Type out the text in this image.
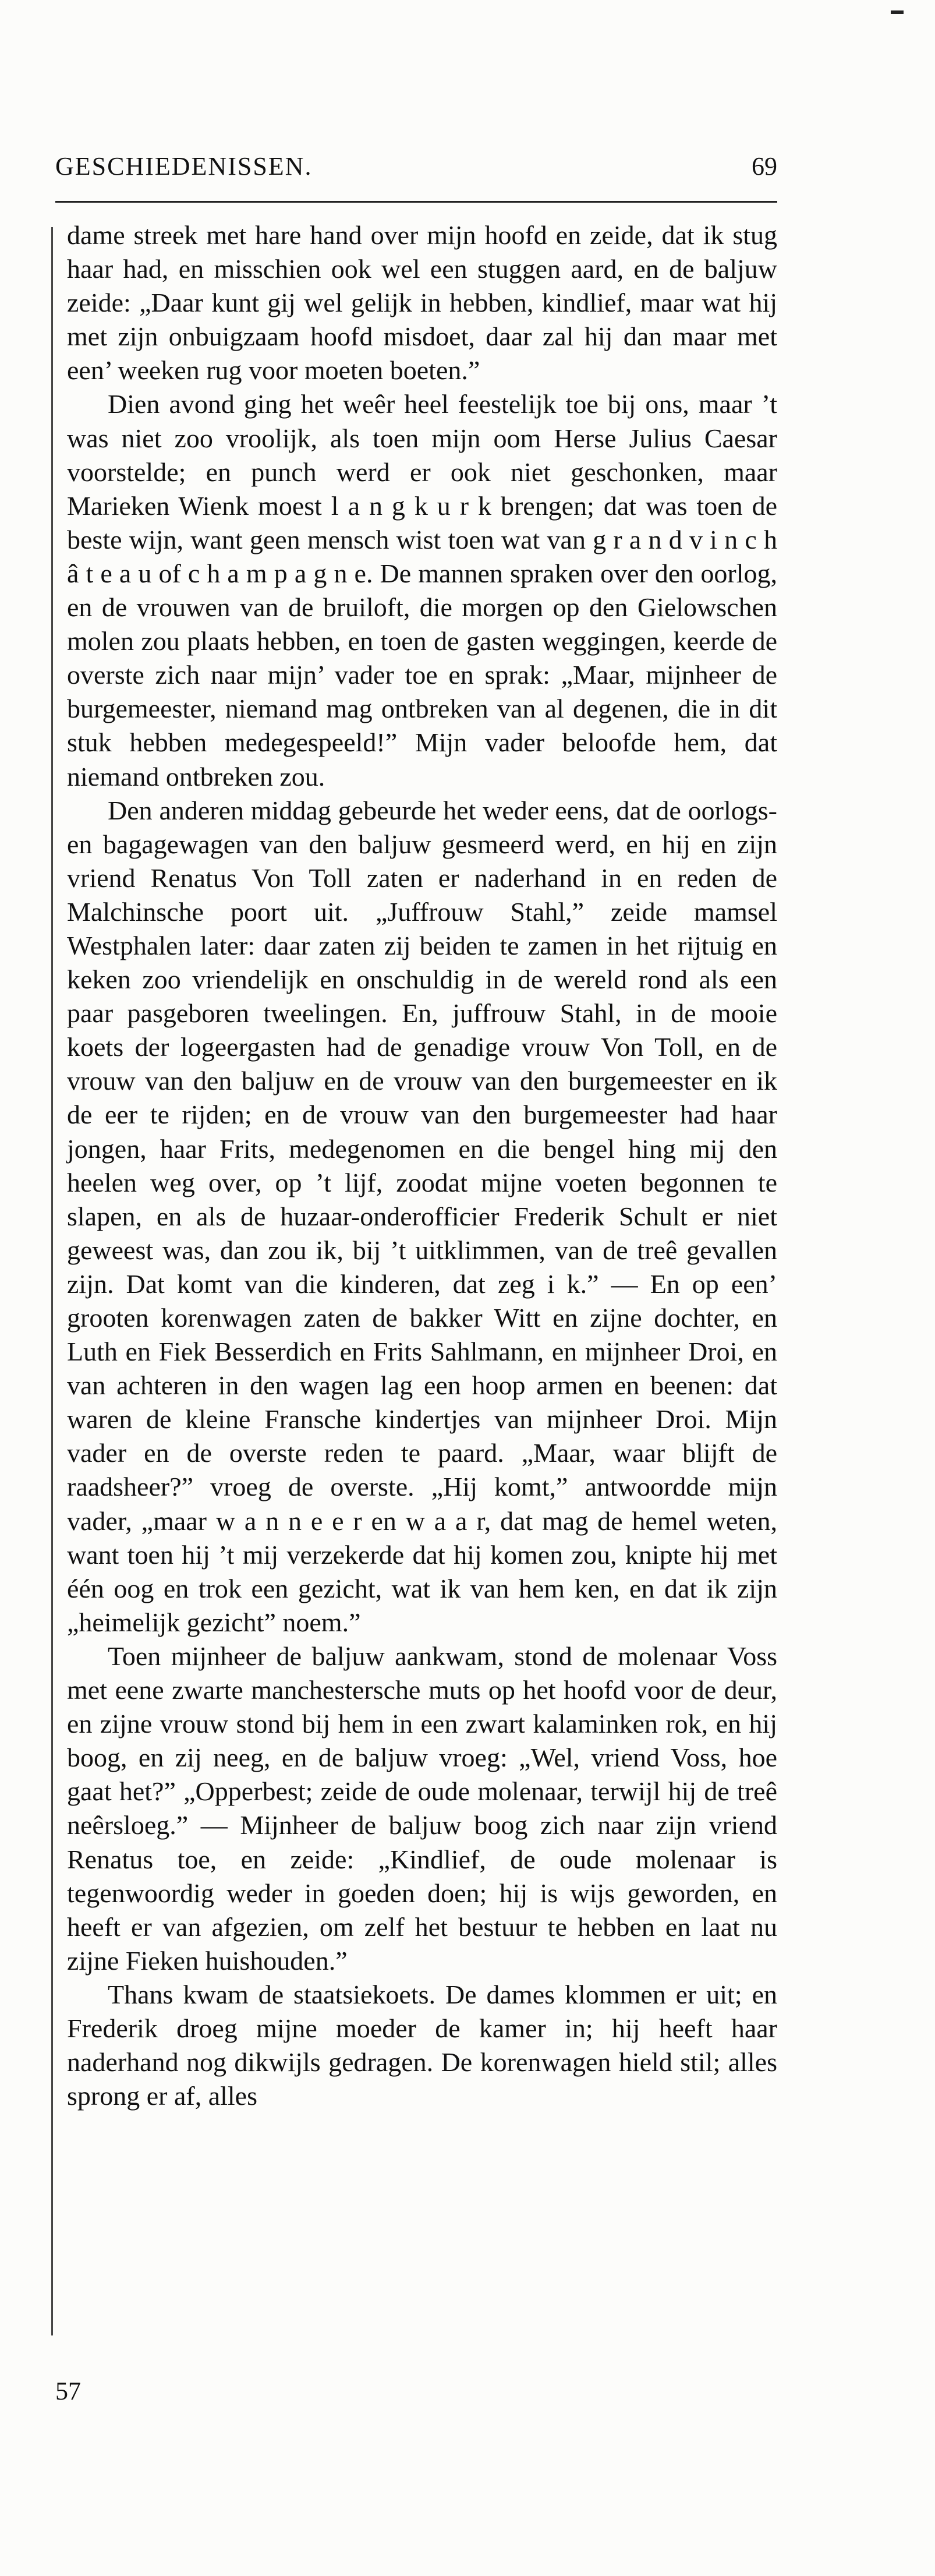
GESCHIEDENISSEN.	69

dame streek met hare hand over mijn hoofd en zeide, dat ik stug haar had, en misschien ook wel een stuggen aard, en de baljuw zeide: „Daar kunt gij wel gelijk in hebben, kindlief, maar wat hij met zijn onbuigzaam hoofd misdoet, daar zal hij dan maar met een’ weeken rug voor moeten boeten.”

Dien avond ging het weêr heel feestelijk toe bij ons, maar ’t was niet zoo vroolijk, als toen mijn oom Herse Julius Caesar voorstelde; en punch werd er ook niet geschonken, maar Marieken Wienk moest l a n g k u r k brengen; dat was toen de beste wijn, want geen mensch wist toen wat van g r a n d v i n c h â t e a u of c h a m p a g n e. De mannen spraken over den oorlog, en de vrouwen van de bruiloft, die morgen op den Gielowschen molen zou plaats hebben, en toen de gasten weggingen, keerde de overste zich naar mijn’ vader toe en sprak: „Maar, mijnheer de burgemeester, niemand mag ontbreken van al degenen, die in dit stuk hebben medegespeeld!” Mijn vader beloofde hem, dat niemand ontbreken zou.

Den anderen middag gebeurde het weder eens, dat de oorlogs- en bagagewagen van den baljuw gesmeerd werd, en hij en zijn vriend Renatus Von Toll zaten er naderhand in en reden de Malchinsche poort uit. „Juffrouw Stahl,” zeide mamsel Westphalen later: daar zaten zij beiden te zamen in het rijtuig en keken zoo vriendelijk en onschuldig in de wereld rond als een paar pasgeboren tweelingen. En, juffrouw Stahl, in de mooie koets der logeergasten had de genadige vrouw Von Toll, en de vrouw van den baljuw en de vrouw van den burgemeester en ik de eer te rijden; en de vrouw van den burgemeester had haar jongen, haar Frits, medegenomen en die bengel hing mij den heelen weg over, op ’t lijf, zoodat mijne voeten begonnen te slapen, en als de huzaar-onderofficier Frederik Schult er niet geweest was, dan zou ik, bij ’t uitklimmen, van de treê gevallen zijn. Dat komt van die kinderen, dat zeg i k.” — En op een’ grooten korenwagen zaten de bakker Witt en zijne dochter, en Luth en Fiek Besserdich en Frits Sahlmann, en mijnheer Droi, en van achteren in den wagen lag een hoop armen en beenen: dat waren de kleine Fransche kindertjes van mijnheer Droi. Mijn vader en de overste reden te paard. „Maar, waar blijft de raadsheer?” vroeg de overste. „Hij komt,” antwoordde mijn vader, „maar w a n n e e r en w a a r, dat mag de hemel weten, want toen hij ’t mij verzekerde dat hij komen zou, knipte hij met één oog en trok een gezicht, wat ik van hem ken, en dat ik zijn „heimelijk gezicht” noem.”

Toen mijnheer de baljuw aankwam, stond de molenaar Voss met eene zwarte manchestersche muts op het hoofd voor de deur, en zijne vrouw stond bij hem in een zwart kalaminken rok, en hij boog, en zij neeg, en de baljuw vroeg: „Wel, vriend Voss, hoe gaat het?” „Opperbest; zeide de oude molenaar, terwijl hij de treê neêrsloeg.” — Mijnheer de baljuw boog zich naar zijn vriend Renatus toe, en zeide: „Kindlief, de oude molenaar is tegenwoordig weder in goeden doen; hij is wijs geworden, en heeft er van afgezien, om zelf het bestuur te hebben en laat nu zijne Fieken huishouden.”

Thans kwam de staatsiekoets. De dames klommen er uit; en Frederik droeg mijne moeder de kamer in; hij heeft haar naderhand nog dikwijls gedragen. De korenwagen hield stil; alles sprong er af, alles

57
